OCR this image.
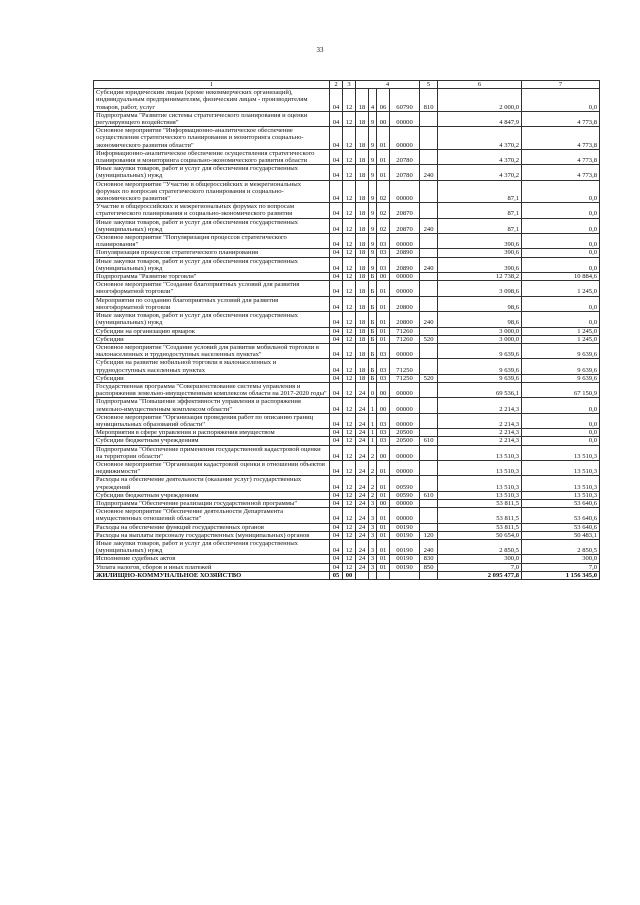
33
1	2	3	4				5	6	7
Субсидии юридическим лицам (кроме некоммерческих организаций), индивидуальным предпринимателям, физическим лицам - производителям товаров, работ, услуг	04	12	18	4	06	60790	810	2 000,0	0,0
Подпрограмма "Развитие системы стратегического планирования и оценки регулирующего воздействия"	04	12	18	9	00	00000		4 847,9	4 773,8
Основное мероприятие "Информационно-аналитическое обеспечение осуществления стратегического планирования и мониторинга социально-экономического развития области"	04	12	18	9	01	00000		4 370,2	4 773,8
Информационно-аналитическое обеспечение осуществления стратегического планирования и мониторинга социально-экономического развития области	04	12	18	9	01	20780		4 370,2	4 773,8
Иные закупки товаров, работ и услуг для обеспечения государственных (муниципальных) нужд	04	12	18	9	01	20780	240	4 370,2	4 773,8
Основное мероприятие "Участие в общероссийских и межрегиональных форумах по вопросам стратегического планирования и социально-экономического развития"	04	12	18	9	02	00000		87,1	0,0
Участие в общероссийских и межрегиональных форумах по вопросам стратегического планирования и социально-экономического развития	04	12	18	9	02	20870		87,1	0,0
Иные закупки товаров, работ и услуг для обеспечения государственных (муниципальных) нужд	04	12	18	9	02	20870	240	87,1	0,0
Основное мероприятие "Популяризация процессов стратегического планирования"	04	12	18	9	03	00000		390,6	0,0
Популяризация процессов стратегического планирования	04	12	18	9	03	20890		390,6	0,0
Иные закупки товаров, работ и услуг для обеспечения государственных (муниципальных) нужд	04	12	18	9	03	20890	240	390,6	0,0
Подпрограмма "Развитие торговли"	04	12	18	Б	00	00000		12 738,2	10 884,6
Основное мероприятие "Создание благоприятных условий для развития многоформатной торговли"	04	12	18	Б	01	00000		3 098,6	1 245,0
Мероприятия по созданию благоприятных условий для развития многоформатной торговли	04	12	18	Б	01	20800		98,6	0,0
Иные закупки товаров, работ и услуг для обеспечения государственных (муниципальных) нужд	04	12	18	Б	01	20800	240	98,6	0,0
Субсидии на организацию ярмарок	04	12	18	Б	01	71260		3 000,0	1 245,0
Субсидии	04	12	18	Б	01	71260	520	3 000,0	1 245,0
Основное мероприятие "Создание условий для развития мобильной торговли в малонаселенных и труднодоступных населенных пунктах"	04	12	18	Б	03	00000		9 639,6	9 639,6
Субсидии на развитие мобильной торговли в малонаселенных и труднодоступных населенных пунктах	04	12	18	Б	03	71250		9 639,6	9 639,6
Субсидии	04	12	18	Б	03	71250	520	9 639,6	9 639,6
Государственная программа "Совершенствование системы управления и распоряжения земельно-имущественным комплексом области на 2017-2020 годы"	04	12	24	0	00	00000		69 536,1	67 150,9
Подпрограмма "Повышение эффективности управления и распоряжения земельно-имущественным комплексом области"	04	12	24	1	00	00000		2 214,3	0,0
Основное мероприятие "Организация проведения работ по описанию границ муниципальных образований области"	04	12	24	1	03	00000		2 214,3	0,0
Мероприятия в сфере управления и распоряжения имуществом	04	12	24	1	03	20500		2 214,3	0,0
Субсидии бюджетным учреждениям	04	12	24	1	03	20500	610	2 214,3	0,0
Подпрограмма "Обеспечение применения государственной кадастровой оценки на территории области"	04	12	24	2	00	00000		13 510,3	13 510,3
Основное мероприятие "Организация кадастровой оценки в отношении объектов недвижимости"	04	12	24	2	01	00000		13 510,3	13 510,3
Расходы на обеспечение деятельности (оказание услуг) государственных учреждений	04	12	24	2	01	00590		13 510,3	13 510,3
Субсидии бюджетным учреждениям	04	12	24	2	01	00590	610	13 510,3	13 510,3
Подпрограмма "Обеспечение реализации государственной программы"	04	12	24	3	00	00000		53 811,5	53 640,6
Основное мероприятие "Обеспечение деятельности Департамента имущественных отношений области"	04	12	24	3	01	00000		53 811,5	53 640,6
Расходы на обеспечение функций государственных органов	04	12	24	3	01	00190		53 811,5	53 640,6
Расходы на выплаты персоналу государственных (муниципальных) органов	04	12	24	3	01	00190	120	50 654,0	50 483,1
Иные закупки товаров, работ и услуг для обеспечения государственных (муниципальных) нужд	04	12	24	3	01	00190	240	2 850,5	2 850,5
Исполнение судебных актов	04	12	24	3	01	00190	830	300,0	300,0
Уплата налогов, сборов и иных платежей	04	12	24	3	01	00190	850	7,0	7,0
ЖИЛИЩНО-КОММУНАЛЬНОЕ ХОЗЯЙСТВО	05	00						2 095 477,8	1 156 345,0
